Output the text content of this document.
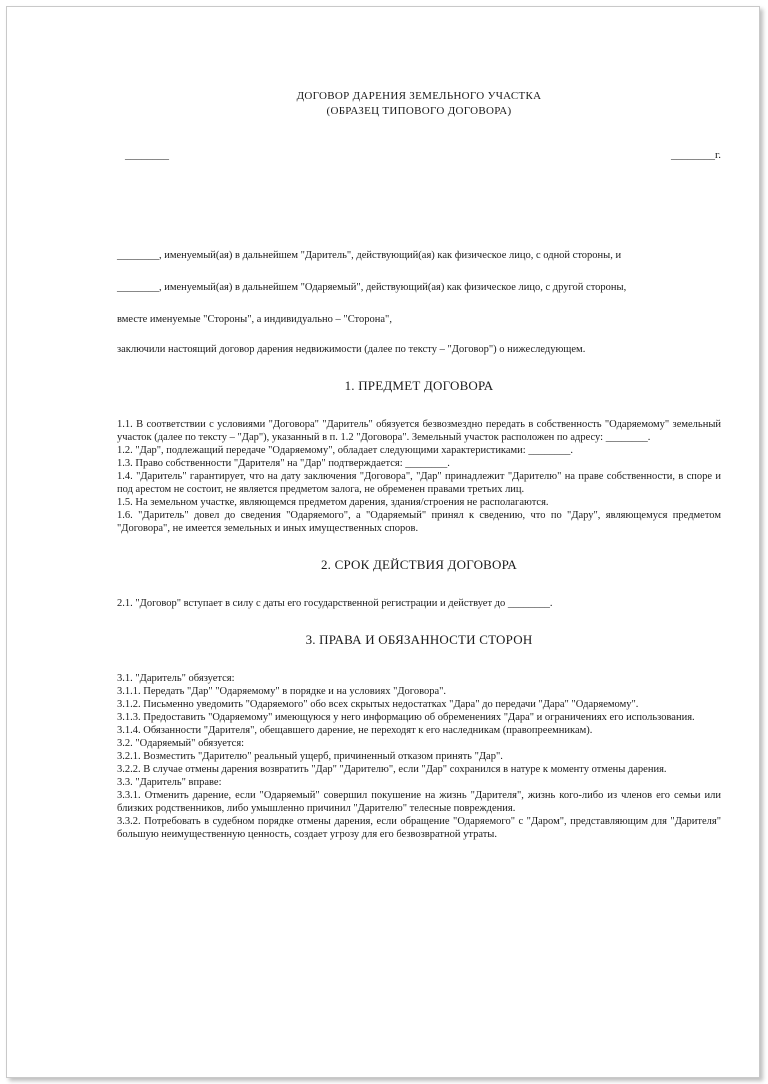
ДОГОВОР ДАРЕНИЯ ЗЕМЕЛЬНОГО УЧАСТКА

(ОБРАЗЕЦ ТИПОВОГО ДОГОВОРА)

________	________г.

________, именуемый(ая) в дальнейшем "Даритель", действующий(ая) как физическое лицо, с одной стороны, и

________, именуемый(ая) в дальнейшем "Одаряемый", действующий(ая) как физическое лицо, с другой стороны,

вместе именуемые "Стороны", а индивидуально – "Сторона",

заключили настоящий договор дарения недвижимости (далее по тексту – "Договор") о нижеследующем.

1. ПРЕДМЕТ ДОГОВОРА

1.1. В соответствии с условиями "Договора" "Даритель" обязуется безвозмездно передать в собственность "Одаряемому" земельный участок (далее по тексту – "Дар"), указанный в п. 1.2 "Договора". Земельный участок расположен по адресу: ________.

1.2. "Дар", подлежащий передаче "Одаряемому", обладает следующими характеристиками: ________.

1.3. Право собственности "Дарителя" на "Дар" подтверждается: ________.

1.4. "Даритель" гарантирует, что на дату заключения "Договора", "Дар" принадлежит "Дарителю" на праве собственности, в споре и под арестом не состоит, не является предметом залога, не обременен правами третьих лиц.

1.5. На земельном участке, являющемся предметом дарения, здания/строения не располагаются.

1.6. "Даритель" довел до сведения "Одаряемого", а "Одаряемый" принял к сведению, что по "Дару", являющемуся предметом "Договора", не имеется земельных и иных имущественных споров.

2. СРОК ДЕЙСТВИЯ ДОГОВОРА

2.1. "Договор" вступает в силу с даты его государственной регистрации и действует до ________.

3. ПРАВА И ОБЯЗАННОСТИ СТОРОН

3.1. "Даритель" обязуется:

3.1.1. Передать "Дар" "Одаряемому" в порядке и на условиях "Договора".

3.1.2. Письменно уведомить "Одаряемого" обо всех скрытых недостатках "Дара" до передачи "Дара" "Одаряемому".

3.1.3. Предоставить "Одаряемому" имеющуюся у него информацию об обременениях "Дара" и ограничениях его использования.

3.1.4. Обязанности "Дарителя", обещавшего дарение, не переходят к его наследникам (правопреемникам).

3.2. "Одаряемый" обязуется:

3.2.1. Возместить "Дарителю" реальный ущерб, причиненный отказом принять "Дар".

3.2.2. В случае отмены дарения возвратить "Дар" "Дарителю", если "Дар" сохранился в натуре к моменту отмены дарения.

3.3. "Даритель" вправе:

3.3.1. Отменить дарение, если "Одаряемый" совершил покушение на жизнь "Дарителя", жизнь кого-либо из членов его семьи или близких родственников, либо умышленно причинил "Дарителю" телесные повреждения.

3.3.2. Потребовать в судебном порядке отмены дарения, если обращение "Одаряемого" с "Даром", представляющим для "Дарителя" большую неимущественную ценность, создает угрозу для его безвозвратной утраты.
